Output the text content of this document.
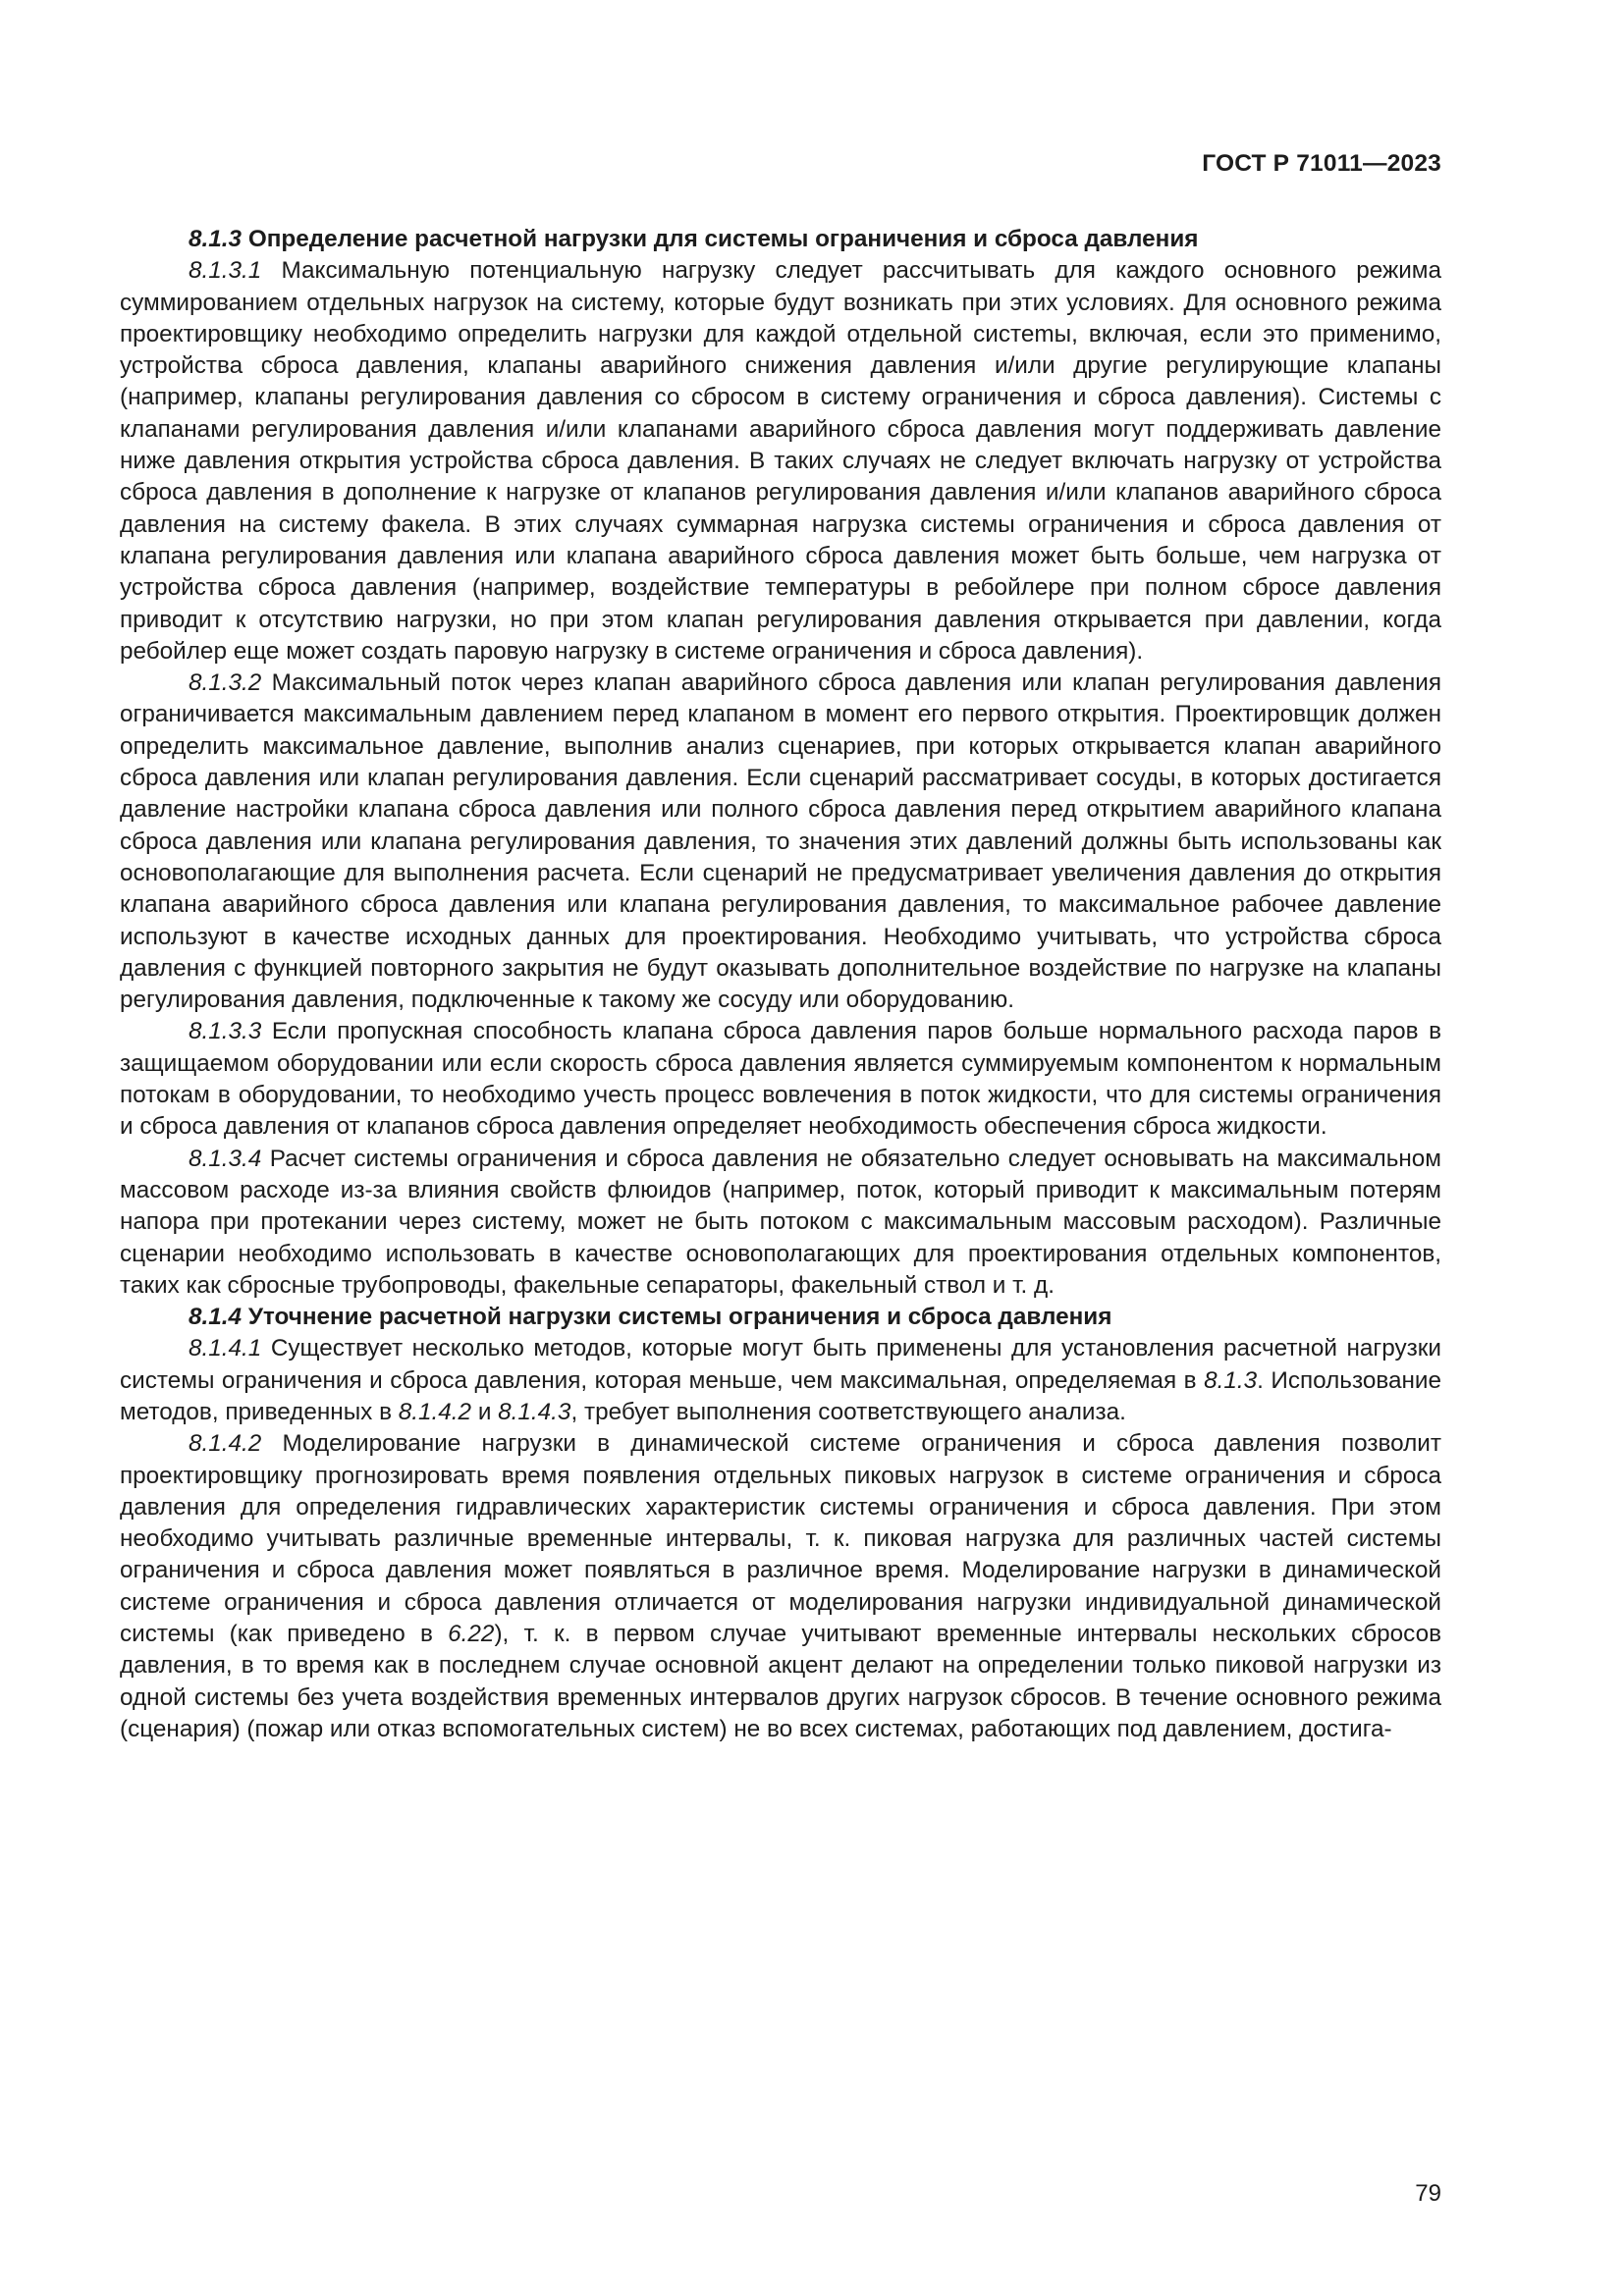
ГОСТ Р 71011—2023

8.1.3 Определение расчетной нагрузки для системы ограничения и сброса давления

8.1.3.1 Максимальную потенциальную нагрузку следует рассчитывать для каждого основного режима суммированием отдельных нагрузок на систему, которые будут возникать при этих условиях. Для основного режима проектировщику необходимо определить нагрузки для каждой отдельной систеmы, включая, если это применимо, устройства сброса давления, клапаны аварийного снижения давления и/или другие регулирующие клапаны (например, клапаны регулирования давления со сбросом в систему ограничения и сброса давления). Системы с клапанами регулирования давления и/или клапанами аварийного сброса давления могут поддерживать давление ниже давления открытия устройства сброса давления. В таких случаях не следует включать нагрузку от устройства сброса давления в дополнение к нагрузке от клапанов регулирования давления и/или клапанов аварийного сброса давления на систему факела. В этих случаях суммарная нагрузка системы ограничения и сброса давления от клапана регулирования давления или клапана аварийного сброса давления может быть больше, чем нагрузка от устройства сброса давления (например, воздействие температуры в ребойлере при полном сбросе давления приводит к отсутствию нагрузки, но при этом клапан регулирования давления открывается при давлении, когда ребойлер еще может создать паровую нагрузку в системе ограничения и сброса давления).

8.1.3.2 Максимальный поток через клапан аварийного сброса давления или клапан регулирования давления ограничивается максимальным давлением перед клапаном в момент его первого открытия. Проектировщик должен определить максимальное давление, выполнив анализ сценариев, при которых открывается клапан аварийного сброса давления или клапан регулирования давления. Если сценарий рассматривает сосуды, в которых достигается давление настройки клапана сброса давления или полного сброса давления перед открытием аварийного клапана сброса давления или клапана регулирования давления, то значения этих давлений должны быть использованы как основополагающие для выполнения расчета. Если сценарий не предусматривает увеличения давления до открытия клапана аварийного сброса давления или клапана регулирования давления, то максимальное рабочее давление используют в качестве исходных данных для проектирования. Необходимо учитывать, что устройства сброса давления с функцией повторного закрытия не будут оказывать дополнительное воздействие по нагрузке на клапаны регулирования давления, подключенные к такому же сосуду или оборудованию.

8.1.3.3 Если пропускная способность клапана сброса давления паров больше нормального расхода паров в защищаемом оборудовании или если скорость сброса давления является суммируемым компонентом к нормальным потокам в оборудовании, то необходимо учесть процесс вовлечения в поток жидкости, что для системы ограничения и сброса давления от клапанов сброса давления определяет необходимость обеспечения сброса жидкости.

8.1.3.4 Расчет системы ограничения и сброса давления не обязательно следует основывать на максимальном массовом расходе из-за влияния свойств флюидов (например, поток, который приводит к максимальным потерям напора при протекании через систему, может не быть потоком с максимальным массовым расходом). Различные сценарии необходимо использовать в качестве основополагающих для проектирования отдельных компонентов, таких как сбросные трубопроводы, факельные сепараторы, факельный ствол и т. д.

8.1.4 Уточнение расчетной нагрузки системы ограничения и сброса давления

8.1.4.1 Существует несколько методов, которые могут быть применены для установления расчетной нагрузки системы ограничения и сброса давления, которая меньше, чем максимальная, определяемая в 8.1.3. Использование методов, приведенных в 8.1.4.2 и 8.1.4.3, требует выполнения соответствующего анализа.

8.1.4.2 Моделирование нагрузки в динамической системе ограничения и сброса давления позволит проектировщику прогнозировать время появления отдельных пиковых нагрузок в системе ограничения и сброса давления для определения гидравлических характеристик системы ограничения и сброса давления. При этом необходимо учитывать различные временные интервалы, т. к. пиковая нагрузка для различных частей системы ограничения и сброса давления может появляться в различное время. Моделирование нагрузки в динамической системе ограничения и сброса давления отличается от моделирования нагрузки индивидуальной динамической системы (как приведено в 6.22), т. к. в первом случае учитывают временные интервалы нескольких сбросов давления, в то время как в последнем случае основной акцент делают на определении только пиковой нагрузки из одной системы без учета воздействия временных интервалов других нагрузок сбросов. В течение основного режима (сценария) (пожар или отказ вспомогательных систем) не во всех системах, работающих под давлением, достига-

79
